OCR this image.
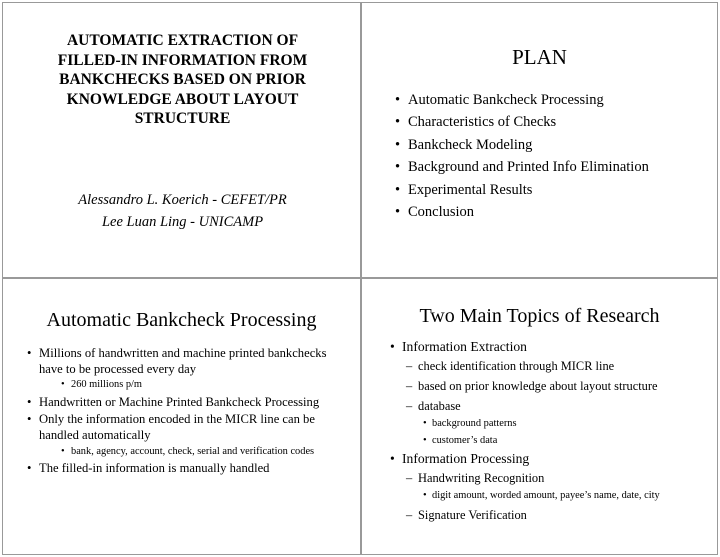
AUTOMATIC EXTRACTION OF
FILLED-IN INFORMATION FROM
BANKCHECKS BASED ON PRIOR
KNOWLEDGE ABOUT LAYOUT
STRUCTURE
Alessandro L. Koerich - CEFET/PR
Lee Luan Ling - UNICAMP
PLAN
• Automatic Bankcheck Processing
• Characteristics of Checks
• Bankcheck Modeling
• Background and Printed Info Elimination
• Experimental Results
• Conclusion
Automatic Bankcheck Processing
• Millions of handwritten and machine printed bankchecks have to be processed every day
• 260 millions p/m
• Handwritten or Machine Printed Bankcheck Processing
• Only the information encoded in the MICR line can be handled automatically
• bank, agency, account, check, serial and verification codes
• The filled-in information is manually handled
Two Main Topics of Research
• Information Extraction
– check identification through MICR line
– based on prior knowledge about layout structure
– database
• background patterns
• customer’s data
• Information Processing
– Handwriting Recognition
• digit amount, worded amount, payee’s name, date, city
– Signature Verification
